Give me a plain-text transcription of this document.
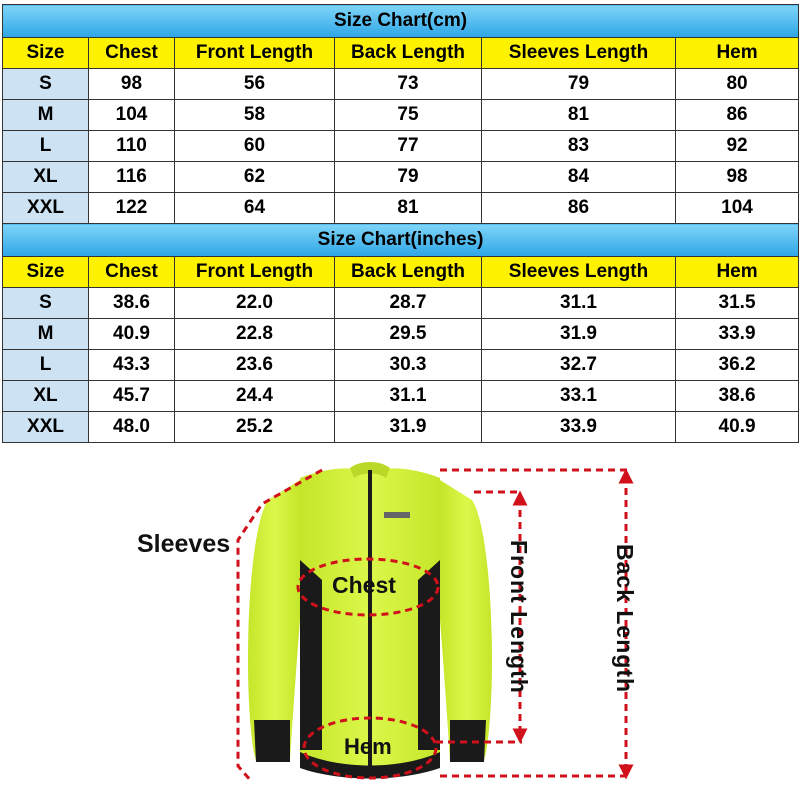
Size Chart(cm)					
Size	Chest	Front Length	Back Length	Sleeves Length	Hem
S	98	56	73	79	80
M	104	58	75	81	86
L	110	60	77	83	92
XL	116	62	79	84	98
XXL	122	64	81	86	104
Size Chart(inches)					
Size	Chest	Front Length	Back Length	Sleeves Length	Hem
S	38.6	22.0	28.7	31.1	31.5
M	40.9	22.8	29.5	31.9	33.9
L	43.3	23.6	30.3	32.7	36.2
XL	45.7	24.4	31.1	33.1	38.6
XXL	48.0	25.2	31.9	33.9	40.9
Sleeves
Chest
Hem
Front Length	Back Length
